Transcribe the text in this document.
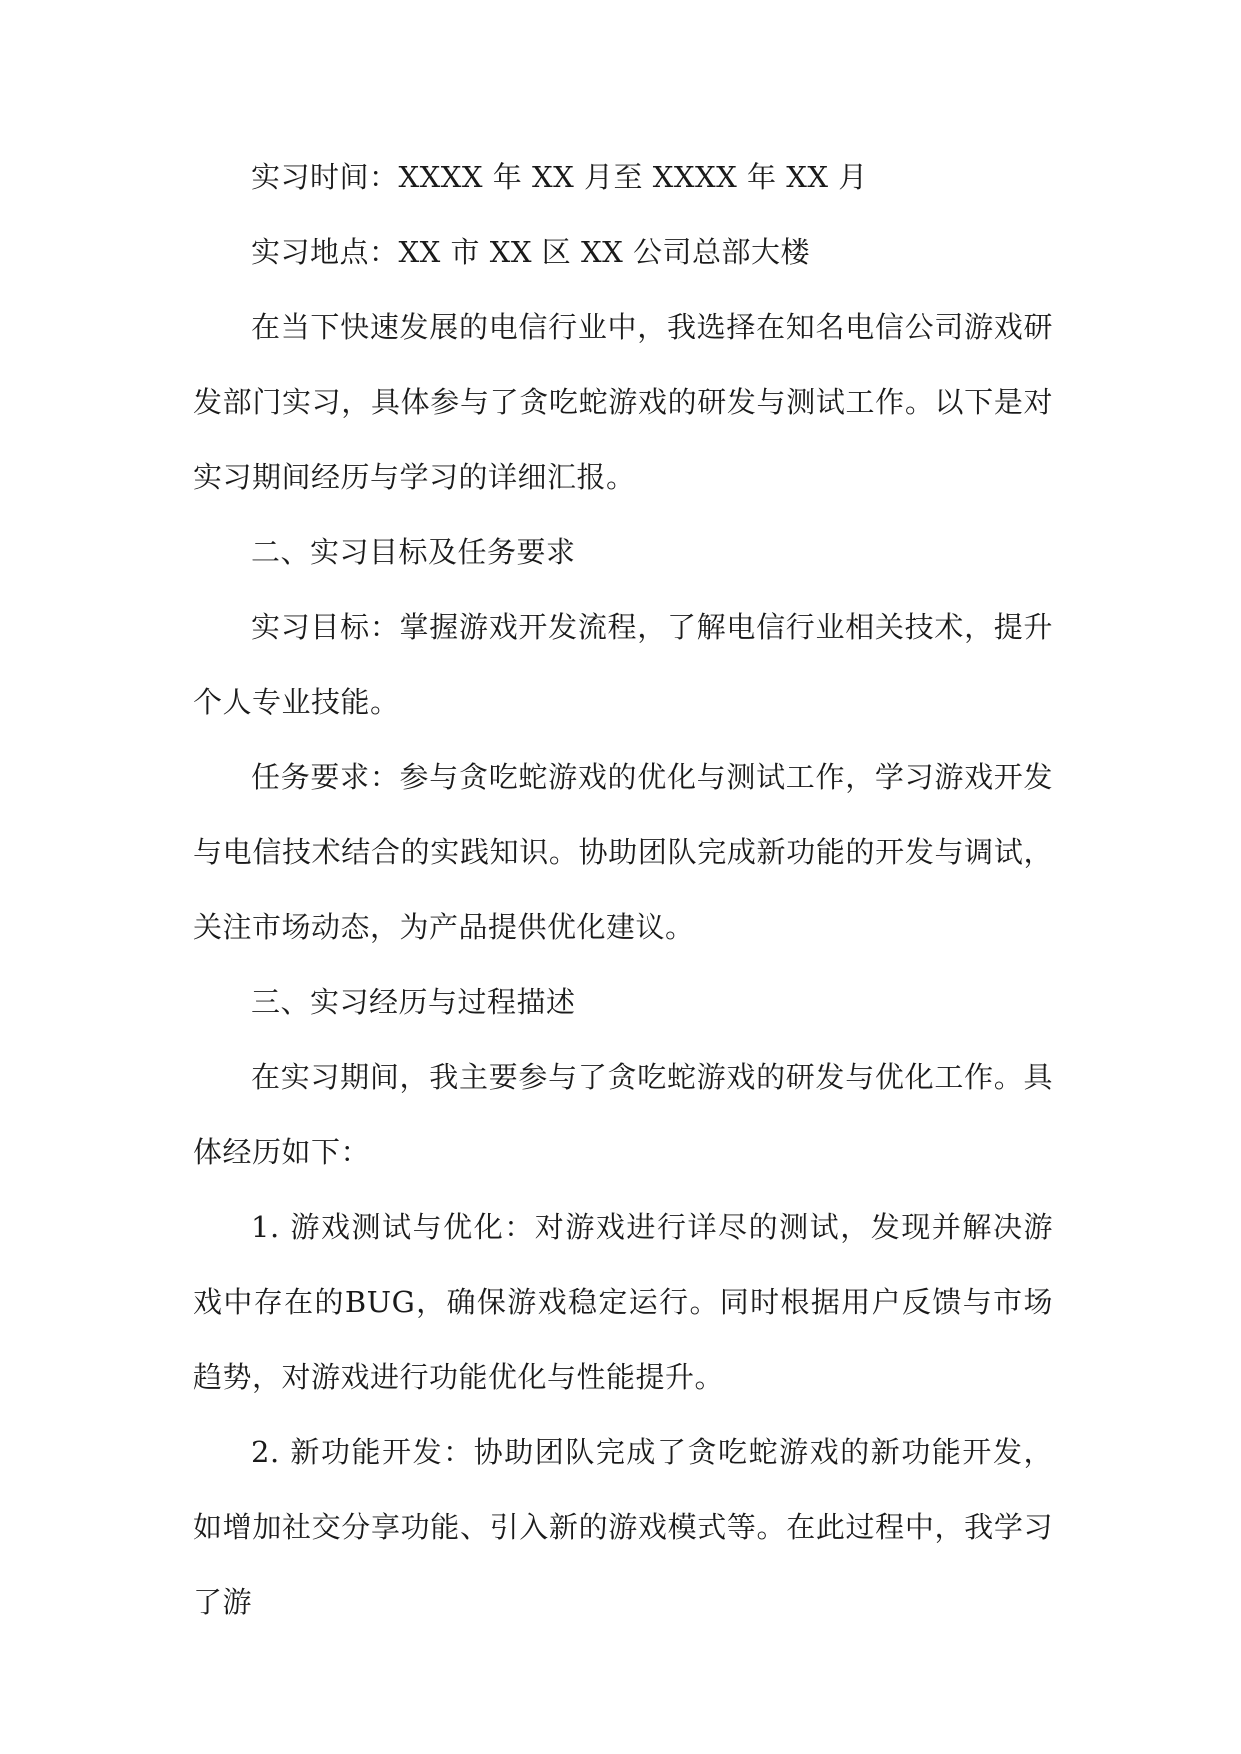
实习时间：XXXX 年 XX 月至 XXXX 年 XX 月

实习地点：XX 市 XX 区 XX 公司总部大楼

在当下快速发展的电信行业中，我选择在知名电信公司游戏研发部门实习，具体参与了贪吃蛇游戏的研发与测试工作。以下是对实习期间经历与学习的详细汇报。

二、实习目标及任务要求

实习目标：掌握游戏开发流程，了解电信行业相关技术，提升个人专业技能。

任务要求：参与贪吃蛇游戏的优化与测试工作，学习游戏开发与电信技术结合的实践知识。协助团队完成新功能的开发与调试，关注市场动态，为产品提供优化建议。

三、实习经历与过程描述

在实习期间，我主要参与了贪吃蛇游戏的研发与优化工作。具体经历如下：

1. 游戏测试与优化：对游戏进行详尽的测试，发现并解决游戏中存在的BUG，确保游戏稳定运行。同时根据用户反馈与市场趋势，对游戏进行功能优化与性能提升。

2. 新功能开发：协助团队完成了贪吃蛇游戏的新功能开发，如增加社交分享功能、引入新的游戏模式等。在此过程中，我学习了游
